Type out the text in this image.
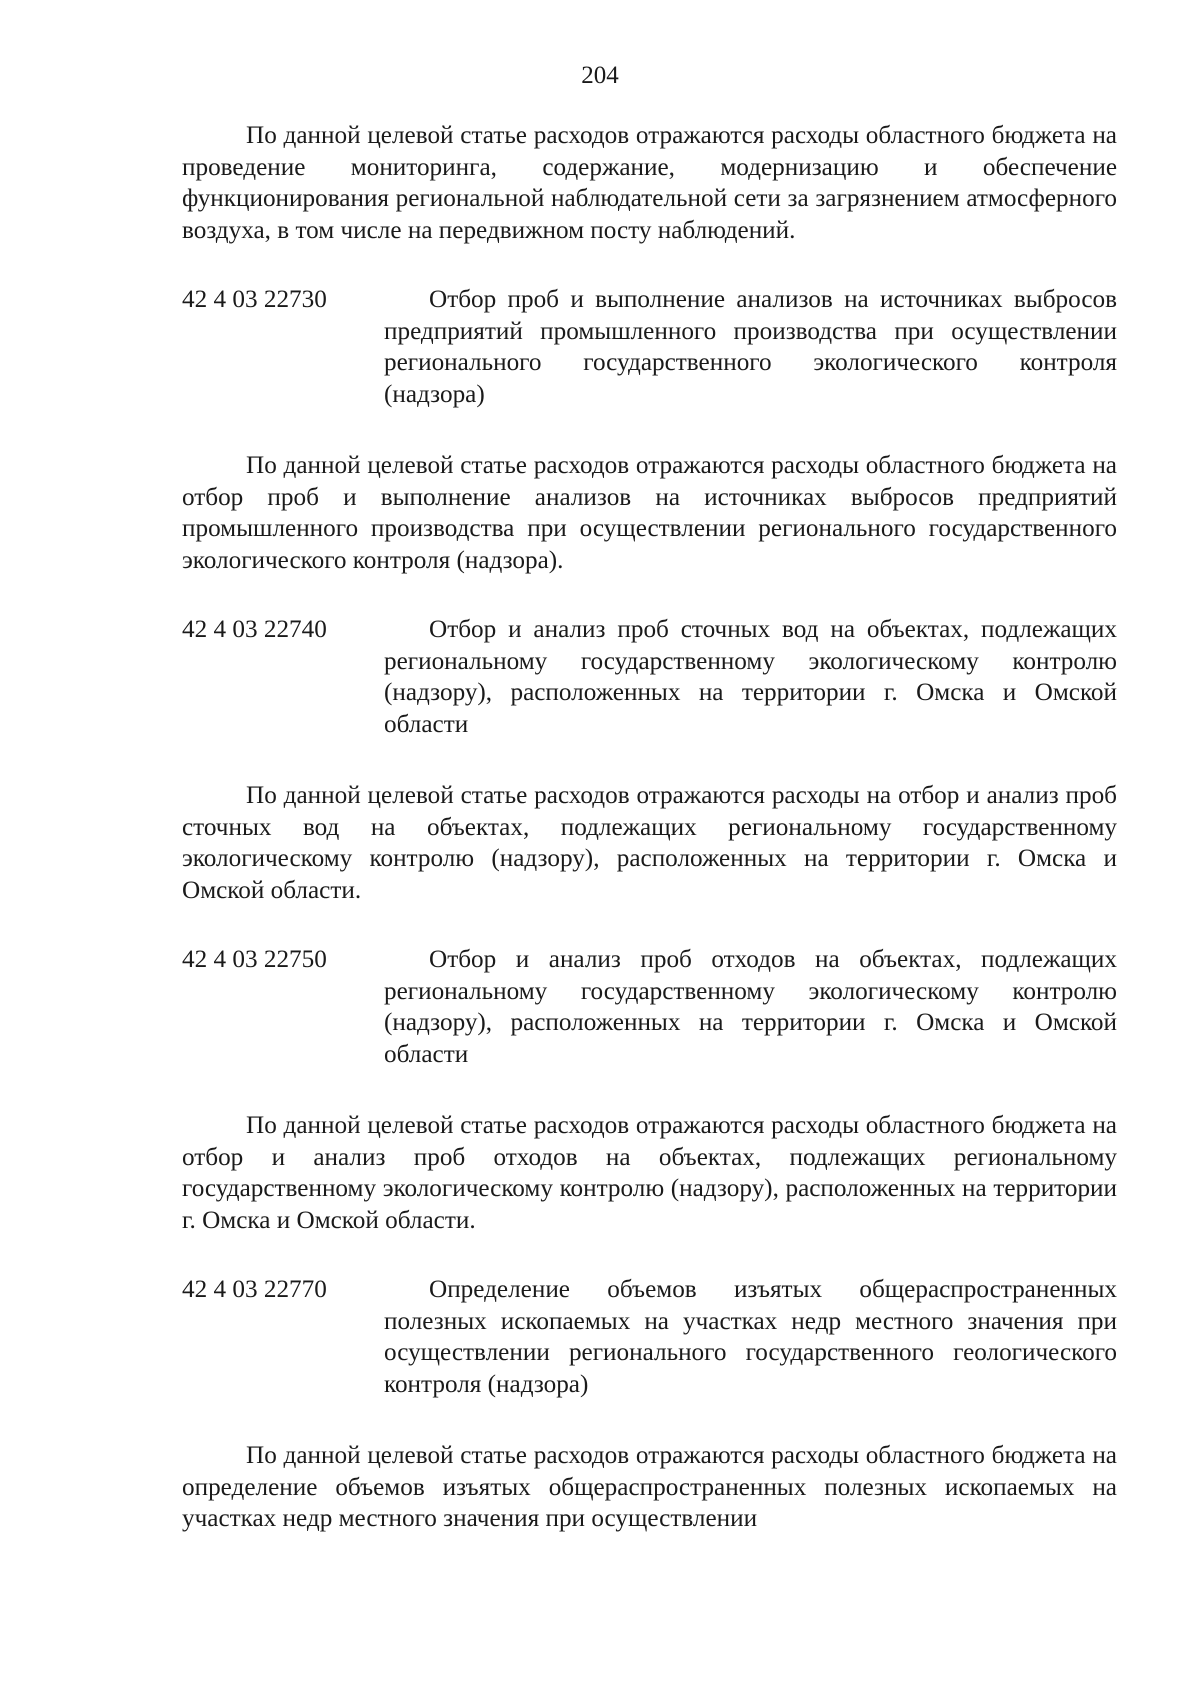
204

По данной целевой статье расходов отражаются расходы областного бюджета на проведение мониторинга, содержание, модернизацию и обеспечение функционирования региональной наблюдательной сети за загрязнением атмосферного воздуха, в том числе на передвижном посту наблюдений.

42 4 03 22730	Отбор проб и выполнение анализов на источниках выбросов предприятий промышленного производства при осуществлении регионального государственного экологического контроля (надзора)

По данной целевой статье расходов отражаются расходы областного бюджета на отбор проб и выполнение анализов на источниках выбросов предприятий промышленного производства при осуществлении регионального государственного экологического контроля (надзора).

42 4 03 22740	Отбор и анализ проб сточных вод на объектах, подлежащих региональному государственному экологическому контролю (надзору), расположенных на территории г. Омска и Омской области

По данной целевой статье расходов отражаются расходы на отбор и анализ проб сточных вод на объектах, подлежащих региональному государственному экологическому контролю (надзору), расположенных на территории г. Омска и Омской области.

42 4 03 22750	Отбор и анализ проб отходов на объектах, подлежащих региональному государственному экологическому контролю (надзору), расположенных на территории г. Омска и Омской области

По данной целевой статье расходов отражаются расходы областного бюджета на отбор и анализ проб отходов на объектах, подлежащих региональному государственному экологическому контролю (надзору), расположенных на территории г. Омска и Омской области.

42 4 03 22770	Определение объемов изъятых общераспространенных полезных ископаемых на участках недр местного значения при осуществлении регионального государственного геологического контроля (надзора)

По данной целевой статье расходов отражаются расходы областного бюджета на определение объемов изъятых общераспространенных полезных ископаемых на участках недр местного значения при осуществлении
